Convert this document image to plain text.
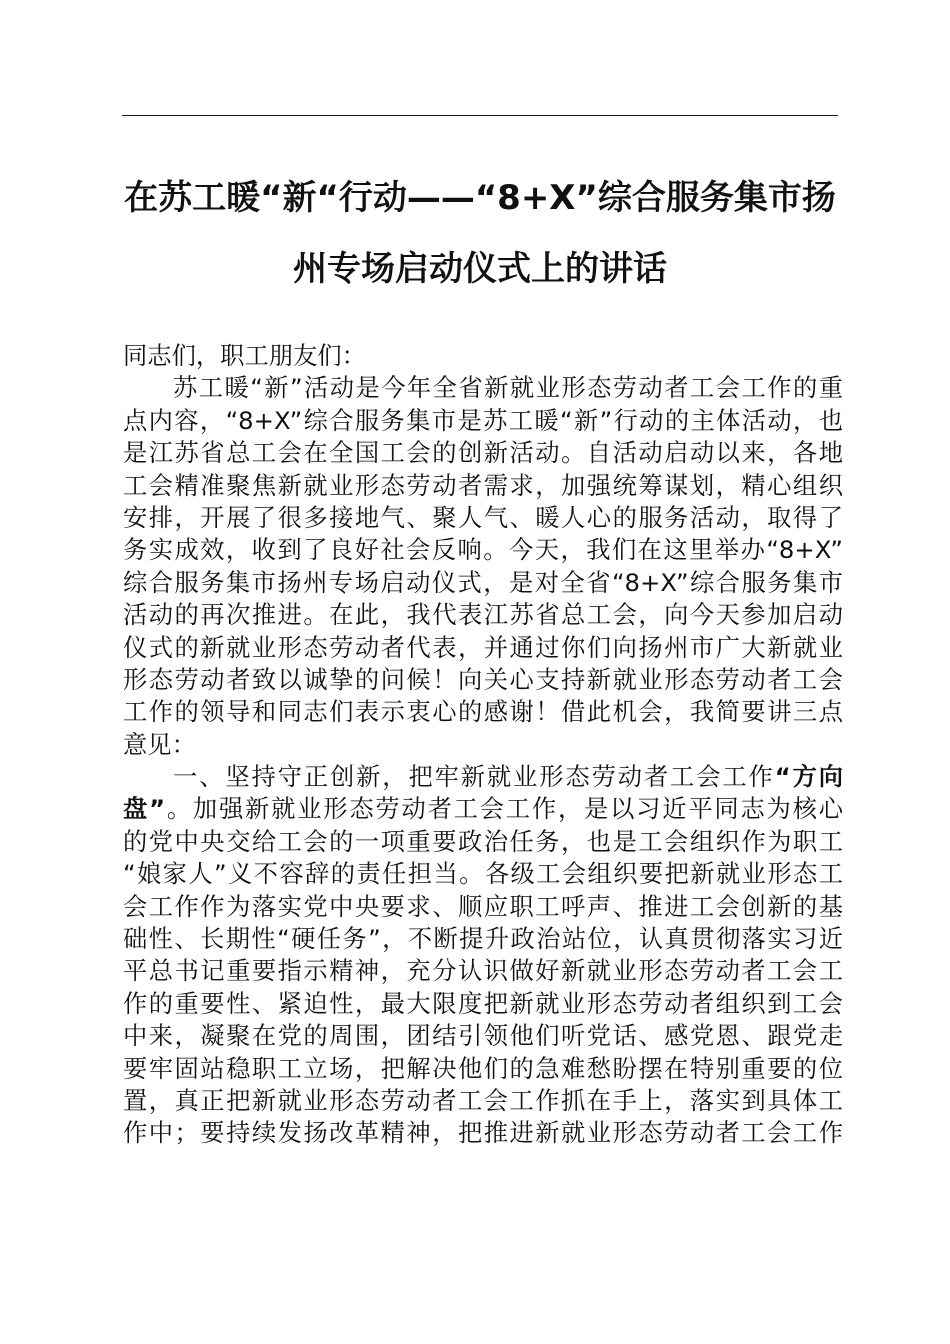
在苏工暖“新“行动——“8+X”综合服务集市扬
州专场启动仪式上的讲话
同志们，职工朋友们：
苏工暖“新”活动是今年全省新就业形态劳动者工会工作的重
点内容，“8+X”综合服务集市是苏工暖“新”行动的主体活动，也
是江苏省总工会在全国工会的创新活动。自活动启动以来，各地
工会精准聚焦新就业形态劳动者需求，加强统筹谋划，精心组织
安排，开展了很多接地气、聚人气、暖人心的服务活动，取得了
务实成效，收到了良好社会反响。今天，我们在这里举办“8+X”
综合服务集市扬州专场启动仪式，是对全省“8+X”综合服务集市
活动的再次推进。在此，我代表江苏省总工会，向今天参加启动
仪式的新就业形态劳动者代表，并通过你们向扬州市广大新就业
形态劳动者致以诚挚的问候！向关心支持新就业形态劳动者工会
工作的领导和同志们表示衷心的感谢！借此机会，我简要讲三点
意见：
一、坚持守正创新，把牢新就业形态劳动者工会工作“方向
盘”。加强新就业形态劳动者工会工作，是以习近平同志为核心
的党中央交给工会的一项重要政治任务，也是工会组织作为职工
“娘家人”义不容辞的责任担当。各级工会组织要把新就业形态工
会工作作为落实党中央要求、顺应职工呼声、推进工会创新的基
础性、长期性“硬任务”，不断提升政治站位，认真贯彻落实习近
平总书记重要指示精神，充分认识做好新就业形态劳动者工会工
作的重要性、紧迫性，最大限度把新就业形态劳动者组织到工会
中来，凝聚在党的周围，团结引领他们听党话、感党恩、跟党走
要牢固站稳职工立场，把解决他们的急难愁盼摆在特别重要的位
置，真正把新就业形态劳动者工会工作抓在手上，落实到具体工
作中；要持续发扬改革精神，把推进新就业形态劳动者工会工作
